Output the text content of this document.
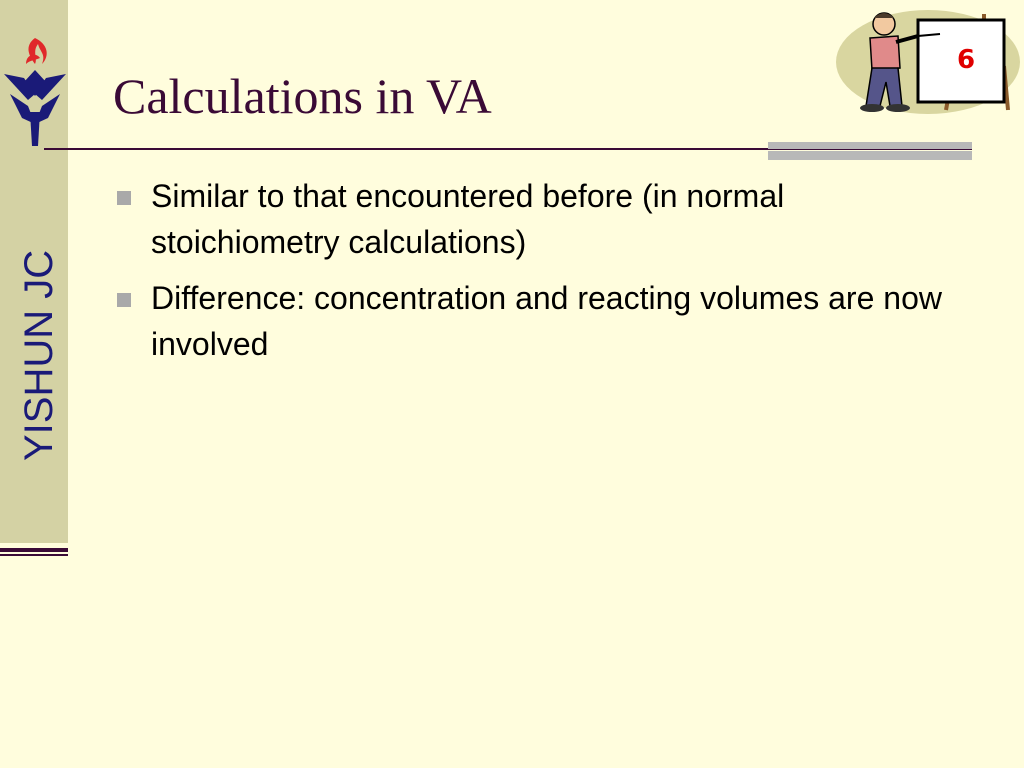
YISHUN JC
Calculations in VA
Similar to that encountered before (in normal stoichiometry calculations)
Difference: concentration and reacting volumes are now involved
6
